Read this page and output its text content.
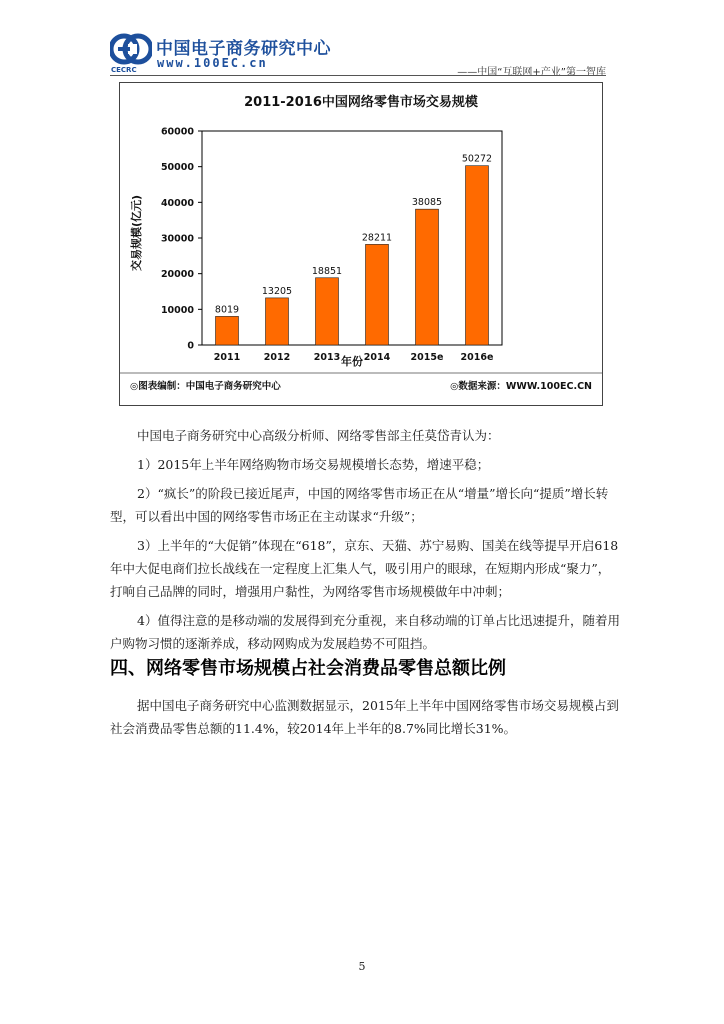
中国电子商务研究中心
www.100EC.cn
CECRC	——中国“互联网+产业”第一智库
2011-2016中国网络零售市场交易规模
0
10000
20000
30000
40000
50000
60000
8019
13205
18851
28211
38085
50272
2011 2012 2013 2014 2015e 2016e
交易规模(亿元)
年份
◎图表编制：中国电子商务研究中心	◎数据来源：WWW.100EC.CN

中国电子商务研究中心高级分析师、网络零售部主任莫岱青认为：

1）2015年上半年网络购物市场交易规模增长态势，增速平稳；

2）“疯长”的阶段已接近尾声，中国的网络零售市场正在从“增量”增长向“提质”增长转型，可以看出中国的网络零售市场正在主动谋求“升级”；

3）上半年的“大促销”体现在“618”，京东、天猫、苏宁易购、国美在线等提早开启618年中大促电商们拉长战线在一定程度上汇集人气，吸引用户的眼球，在短期内形成“聚力”，打响自己品牌的同时，增强用户黏性，为网络零售市场规模做年中冲刺；

4）值得注意的是移动端的发展得到充分重视，来自移动端的订单占比迅速提升，随着用户购物习惯的逐渐养成，移动网购成为发展趋势不可阻挡。

四、网络零售市场规模占社会消费品零售总额比例

据中国电子商务研究中心监测数据显示，2015年上半年中国网络零售市场交易规模占到社会消费品零售总额的11.4%，较2014年上半年的8.7%同比增长31%。

5
